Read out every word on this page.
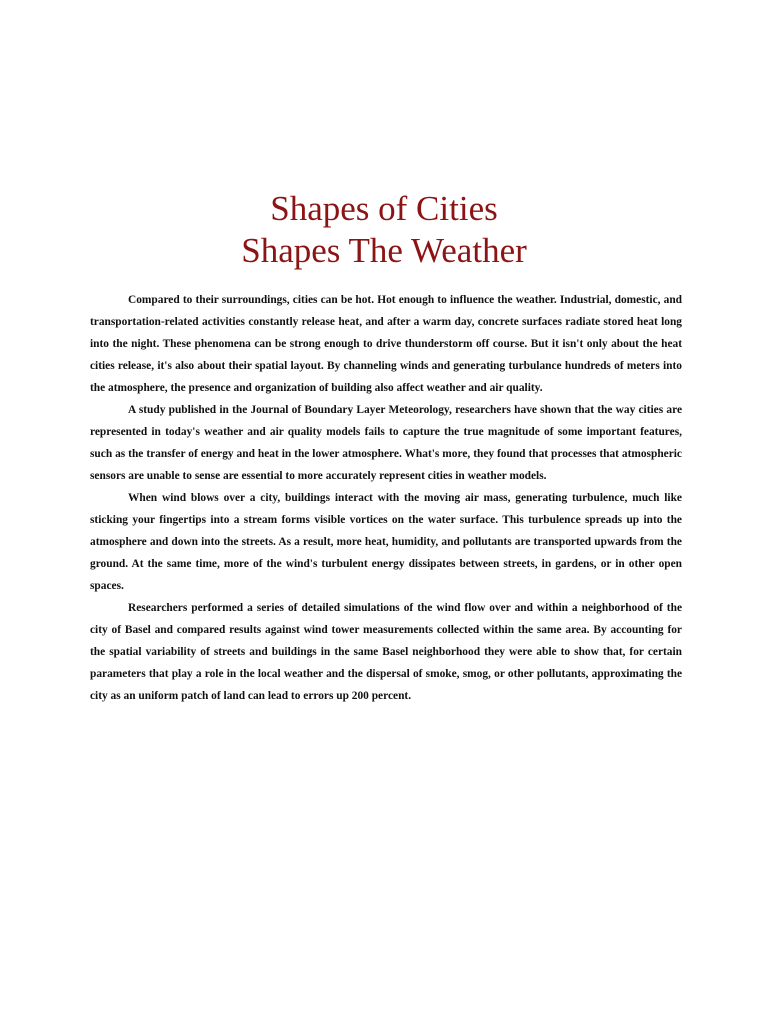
Shapes of Cities
Shapes The Weather

Compared to their surroundings, cities can be hot. Hot enough to influence the weather. Industrial, domestic, and transportation-related activities constantly release heat, and after a warm day, concrete surfaces radiate stored heat long into the night. These phenomena can be strong enough to drive thunderstorm off course. But it isn't only about the heat cities release, it's also about their spatial layout. By channeling winds and generating turbulance hundreds of meters into the atmosphere, the presence and organization of building also affect weather and air quality.

A study published in the Journal of Boundary Layer Meteorology, researchers have shown that the way cities are represented in today's weather and air quality models fails to capture the true magnitude of some important features, such as the transfer of energy and heat in the lower atmosphere. What's more, they found that processes that atmospheric sensors are unable to sense are essential to more accurately represent cities in weather models.

When wind blows over a city, buildings interact with the moving air mass, generating turbulence, much like sticking your fingertips into a stream forms visible vortices on the water surface. This turbulence spreads up into the atmosphere and down into the streets. As a result, more heat, humidity, and pollutants are transported upwards from the ground. At the same time, more of the wind's turbulent energy dissipates between streets, in gardens, or in other open spaces.

Researchers performed a series of detailed simulations of the wind flow over and within a neighborhood of the city of Basel and compared results against wind tower measurements collected within the same area. By accounting for the spatial variability of streets and buildings in the same Basel neighborhood they were able to show that, for certain parameters that play a role in the local weather and the dispersal of smoke, smog, or other pollutants, approximating the city as an uniform patch of land can lead to errors up 200 percent.
